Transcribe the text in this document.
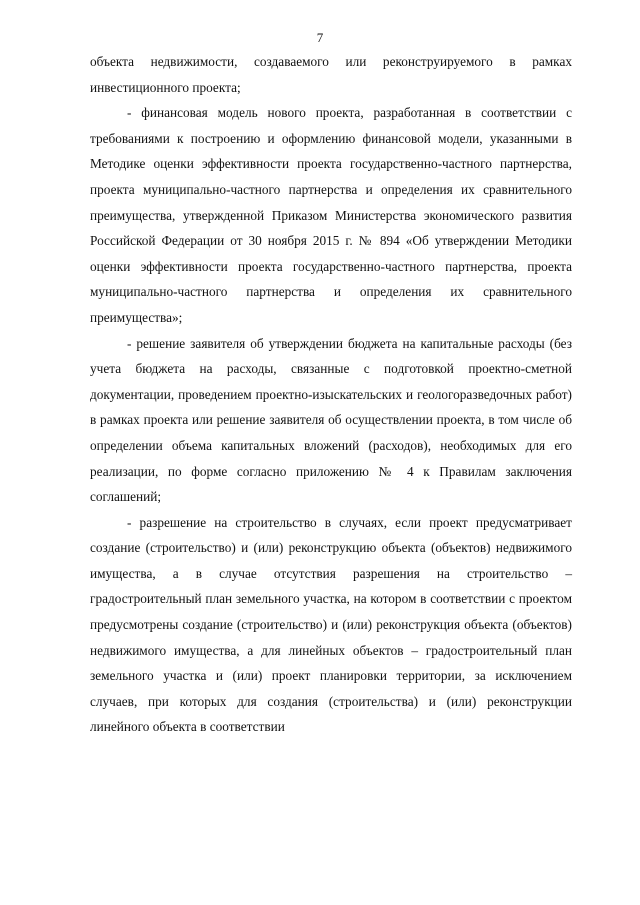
7

объекта недвижимости, создаваемого или реконструируемого в рамках инвестиционного проекта;

- финансовая модель нового проекта, разработанная в соответствии с требованиями к построению и оформлению финансовой модели, указанными в Методике оценки эффективности проекта государственно-частного партнерства, проекта муниципально-частного партнерства и определения их сравнительного преимущества, утвержденной Приказом Министерства экономического развития Российской Федерации от 30 ноября 2015 г. № 894 «Об утверждении Методики оценки эффективности проекта государственно-частного партнерства, проекта муниципально-частного партнерства и определения их сравнительного преимущества»;

- решение заявителя об утверждении бюджета на капитальные расходы (без учета бюджета на расходы, связанные с подготовкой проектно-сметной документации, проведением проектно-изыскательских и геологоразведочных работ) в рамках проекта или решение заявителя об осуществлении проекта, в том числе об определении объема капитальных вложений (расходов), необходимых для его реализации, по форме согласно приложению № 4 к Правилам заключения соглашений;

- разрешение на строительство в случаях, если проект предусматривает создание (строительство) и (или) реконструкцию объекта (объектов) недвижимого имущества, а в случае отсутствия разрешения на строительство – градостроительный план земельного участка, на котором в соответствии с проектом предусмотрены создание (строительство) и (или) реконструкция объекта (объектов) недвижимого имущества, а для линейных объектов – градостроительный план земельного участка и (или) проект планировки территории, за исключением случаев, при которых для создания (строительства) и (или) реконструкции линейного объекта в соответствии
